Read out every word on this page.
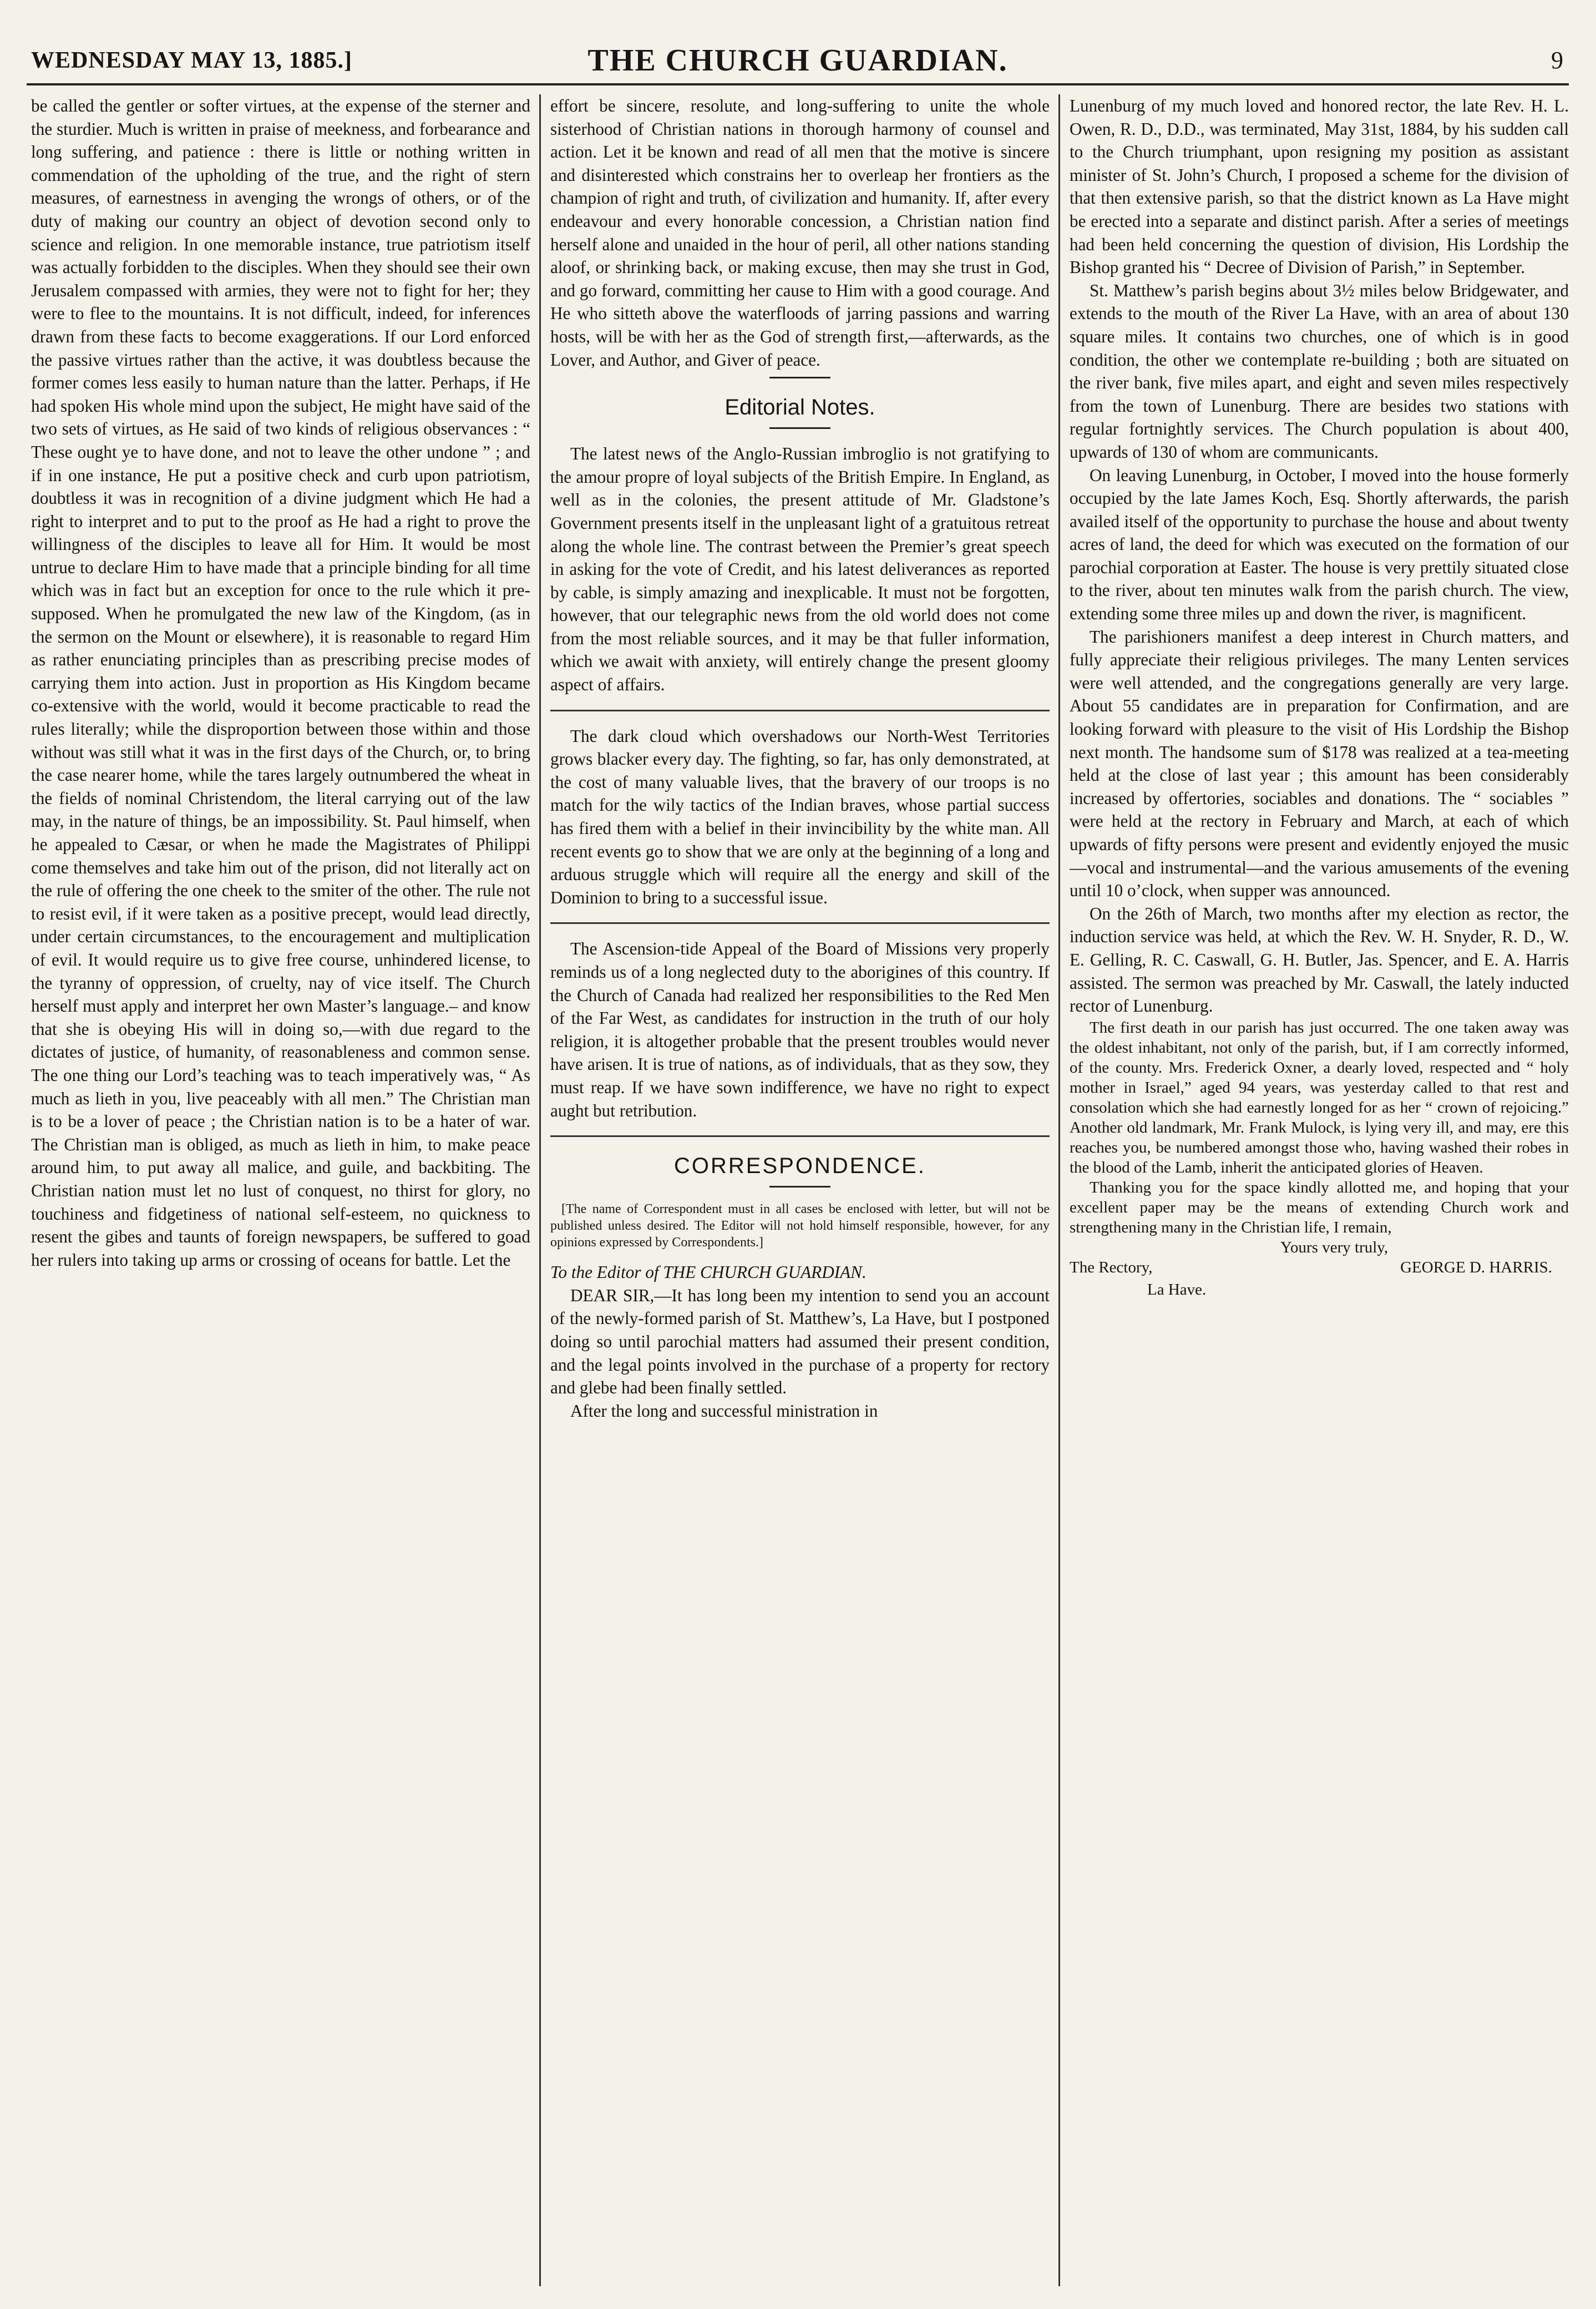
WEDNESDAY MAY 13, 1885.]	THE CHURCH GUARDIAN.	9

be called the gentler or softer virtues, at the expense of the sterner and the sturdier. Much is written in praise of meekness, and forbearance and long suffering, and patience : there is little or nothing written in commendation of the upholding of the true, and the right of stern measures, of earnestness in avenging the wrongs of others, or of the duty of making our country an object of devotion second only to science and religion. In one memorable instance, true patriotism itself was actually forbidden to the disciples. When they should see their own Jerusalem compassed with armies, they were not to fight for her; they were to flee to the mountains. It is not difficult, indeed, for inferences drawn from these facts to become exaggerations. If our Lord enforced the passive virtues rather than the active, it was doubtless because the former comes less easily to human nature than the latter. Perhaps, if He had spoken His whole mind upon the subject, He might have said of the two sets of virtues, as He said of two kinds of religious observances : “ These ought ye to have done, and not to leave the other undone ” ; and if in one instance, He put a positive check and curb upon patriotism, doubtless it was in recognition of a divine judgment which He had a right to interpret and to put to the proof as He had a right to prove the willingness of the disciples to leave all for Him. It would be most untrue to declare Him to have made that a principle binding for all time which was in fact but an exception for once to the rule which it pre-supposed. When he promulgated the new law of the Kingdom, (as in the sermon on the Mount or elsewhere), it is reasonable to regard Him as rather enunciating principles than as prescribing precise modes of carrying them into action. Just in proportion as His Kingdom became co-extensive with the world, would it become practicable to read the rules literally; while the disproportion between those within and those without was still what it was in the first days of the Church, or, to bring the case nearer home, while the tares largely outnumbered the wheat in the fields of nominal Christendom, the literal carrying out of the law may, in the nature of things, be an impossibility. St. Paul himself, when he appealed to Cæsar, or when he made the Magistrates of Philippi come themselves and take him out of the prison, did not literally act on the rule of offering the one cheek to the smiter of the other. The rule not to resist evil, if it were taken as a positive precept, would lead directly, under certain circumstances, to the encouragement and multiplication of evil. It would require us to give free course, unhindered license, to the tyranny of oppression, of cruelty, nay of vice itself. The Church herself must apply and interpret her own Master’s language.– and know that she is obeying His will in doing so,—with due regard to the dictates of justice, of humanity, of reasonableness and common sense. The one thing our Lord’s teaching was to teach imperatively was, “ As much as lieth in you, live peaceably with all men.” The Christian man is to be a lover of peace ; the Christian nation is to be a hater of war. The Christian man is obliged, as much as lieth in him, to make peace around him, to put away all malice, and guile, and backbiting. The Christian nation must let no lust of conquest, no thirst for glory, no touchiness and fidgetiness of national self-esteem, no quickness to resent the gibes and taunts of foreign newspapers, be suffered to goad her rulers into taking up arms or crossing of oceans for battle. Let the

effort be sincere, resolute, and long-suffering to unite the whole sisterhood of Christian nations in thorough harmony of counsel and action. Let it be known and read of all men that the motive is sincere and disinterested which constrains her to overleap her frontiers as the champion of right and truth, of civilization and humanity. If, after every endeavour and every honorable concession, a Christian nation find herself alone and unaided in the hour of peril, all other nations standing aloof, or shrinking back, or making excuse, then may she trust in God, and go forward, committing her cause to Him with a good courage. And He who sitteth above the waterfloods of jarring passions and warring hosts, will be with her as the God of strength first,—afterwards, as the Lover, and Author, and Giver of peace.

Editorial Notes.

The latest news of the Anglo-Russian imbroglio is not gratifying to the amour propre of loyal subjects of the British Empire. In England, as well as in the colonies, the present attitude of Mr. Gladstone’s Government presents itself in the unpleasant light of a gratuitous retreat along the whole line. The contrast between the Premier’s great speech in asking for the vote of Credit, and his latest deliverances as reported by cable, is simply amazing and inexplicable. It must not be forgotten, however, that our telegraphic news from the old world does not come from the most reliable sources, and it may be that fuller information, which we await with anxiety, will entirely change the present gloomy aspect of affairs.

The dark cloud which overshadows our North-West Territories grows blacker every day. The fighting, so far, has only demonstrated, at the cost of many valuable lives, that the bravery of our troops is no match for the wily tactics of the Indian braves, whose partial success has fired them with a belief in their invincibility by the white man. All recent events go to show that we are only at the beginning of a long and arduous struggle which will require all the energy and skill of the Dominion to bring to a successful issue.

The Ascension-tide Appeal of the Board of Missions very properly reminds us of a long neglected duty to the aborigines of this country. If the Church of Canada had realized her responsibilities to the Red Men of the Far West, as candidates for instruction in the truth of our holy religion, it is altogether probable that the present troubles would never have arisen. It is true of nations, as of individuals, that as they sow, they must reap. If we have sown indifference, we have no right to expect aught but retribution.

CORRESPONDENCE.

[The name of Correspondent must in all cases be enclosed with letter, but will not be published unless desired. The Editor will not hold himself responsible, however, for any opinions expressed by Correspondents.]

To the Editor of THE CHURCH GUARDIAN.

DEAR SIR,—It has long been my intention to send you an account of the newly-formed parish of St. Matthew’s, La Have, but I postponed doing so until parochial matters had assumed their present condition, and the legal points involved in the purchase of a property for rectory and glebe had been finally settled.

After the long and successful ministration in

Lunenburg of my much loved and honored rector, the late Rev. H. L. Owen, R. D., D.D., was terminated, May 31st, 1884, by his sudden call to the Church triumphant, upon resigning my position as assistant minister of St. John’s Church, I proposed a scheme for the division of that then extensive parish, so that the district known as La Have might be erected into a separate and distinct parish. After a series of meetings had been held concerning the question of division, His Lordship the Bishop granted his “ Decree of Division of Parish,” in September.

St. Matthew’s parish begins about 3½ miles below Bridgewater, and extends to the mouth of the River La Have, with an area of about 130 square miles. It contains two churches, one of which is in good condition, the other we contemplate re-building ; both are situated on the river bank, five miles apart, and eight and seven miles respectively from the town of Lunenburg. There are besides two stations with regular fortnightly services. The Church population is about 400, upwards of 130 of whom are communicants.

On leaving Lunenburg, in October, I moved into the house formerly occupied by the late James Koch, Esq. Shortly afterwards, the parish availed itself of the opportunity to purchase the house and about twenty acres of land, the deed for which was executed on the formation of our parochial corporation at Easter. The house is very prettily situated close to the river, about ten minutes walk from the parish church. The view, extending some three miles up and down the river, is magnificent.

The parishioners manifest a deep interest in Church matters, and fully appreciate their religious privileges. The many Lenten services were well attended, and the congregations generally are very large. About 55 candidates are in preparation for Confirmation, and are looking forward with pleasure to the visit of His Lordship the Bishop next month. The handsome sum of $178 was realized at a tea-meeting held at the close of last year ; this amount has been considerably increased by offertories, sociables and donations. The “ sociables ” were held at the rectory in February and March, at each of which upwards of fifty persons were present and evidently enjoyed the music—vocal and instrumental—and the various amusements of the evening until 10 o’clock, when supper was announced.

On the 26th of March, two months after my election as rector, the induction service was held, at which the Rev. W. H. Snyder, R. D., W. E. Gelling, R. C. Caswall, G. H. Butler, Jas. Spencer, and E. A. Harris assisted. The sermon was preached by Mr. Caswall, the lately inducted rector of Lunenburg.

The first death in our parish has just occurred. The one taken away was the oldest inhabitant, not only of the parish, but, if I am correctly informed, of the county. Mrs. Frederick Oxner, a dearly loved, respected and “ holy mother in Israel,” aged 94 years, was yesterday called to that rest and consolation which she had earnestly longed for as her “ crown of rejoicing.” Another old landmark, Mr. Frank Mulock, is lying very ill, and may, ere this reaches you, be numbered amongst those who, having washed their robes in the blood of the Lamb, inherit the anticipated glories of Heaven.

Thanking you for the space kindly allotted me, and hoping that your excellent paper may be the means of extending Church work and strengthening many in the Christian life, I remain,

Yours very truly,

The Rectory,	GEORGE D. HARRIS.

La Have.
